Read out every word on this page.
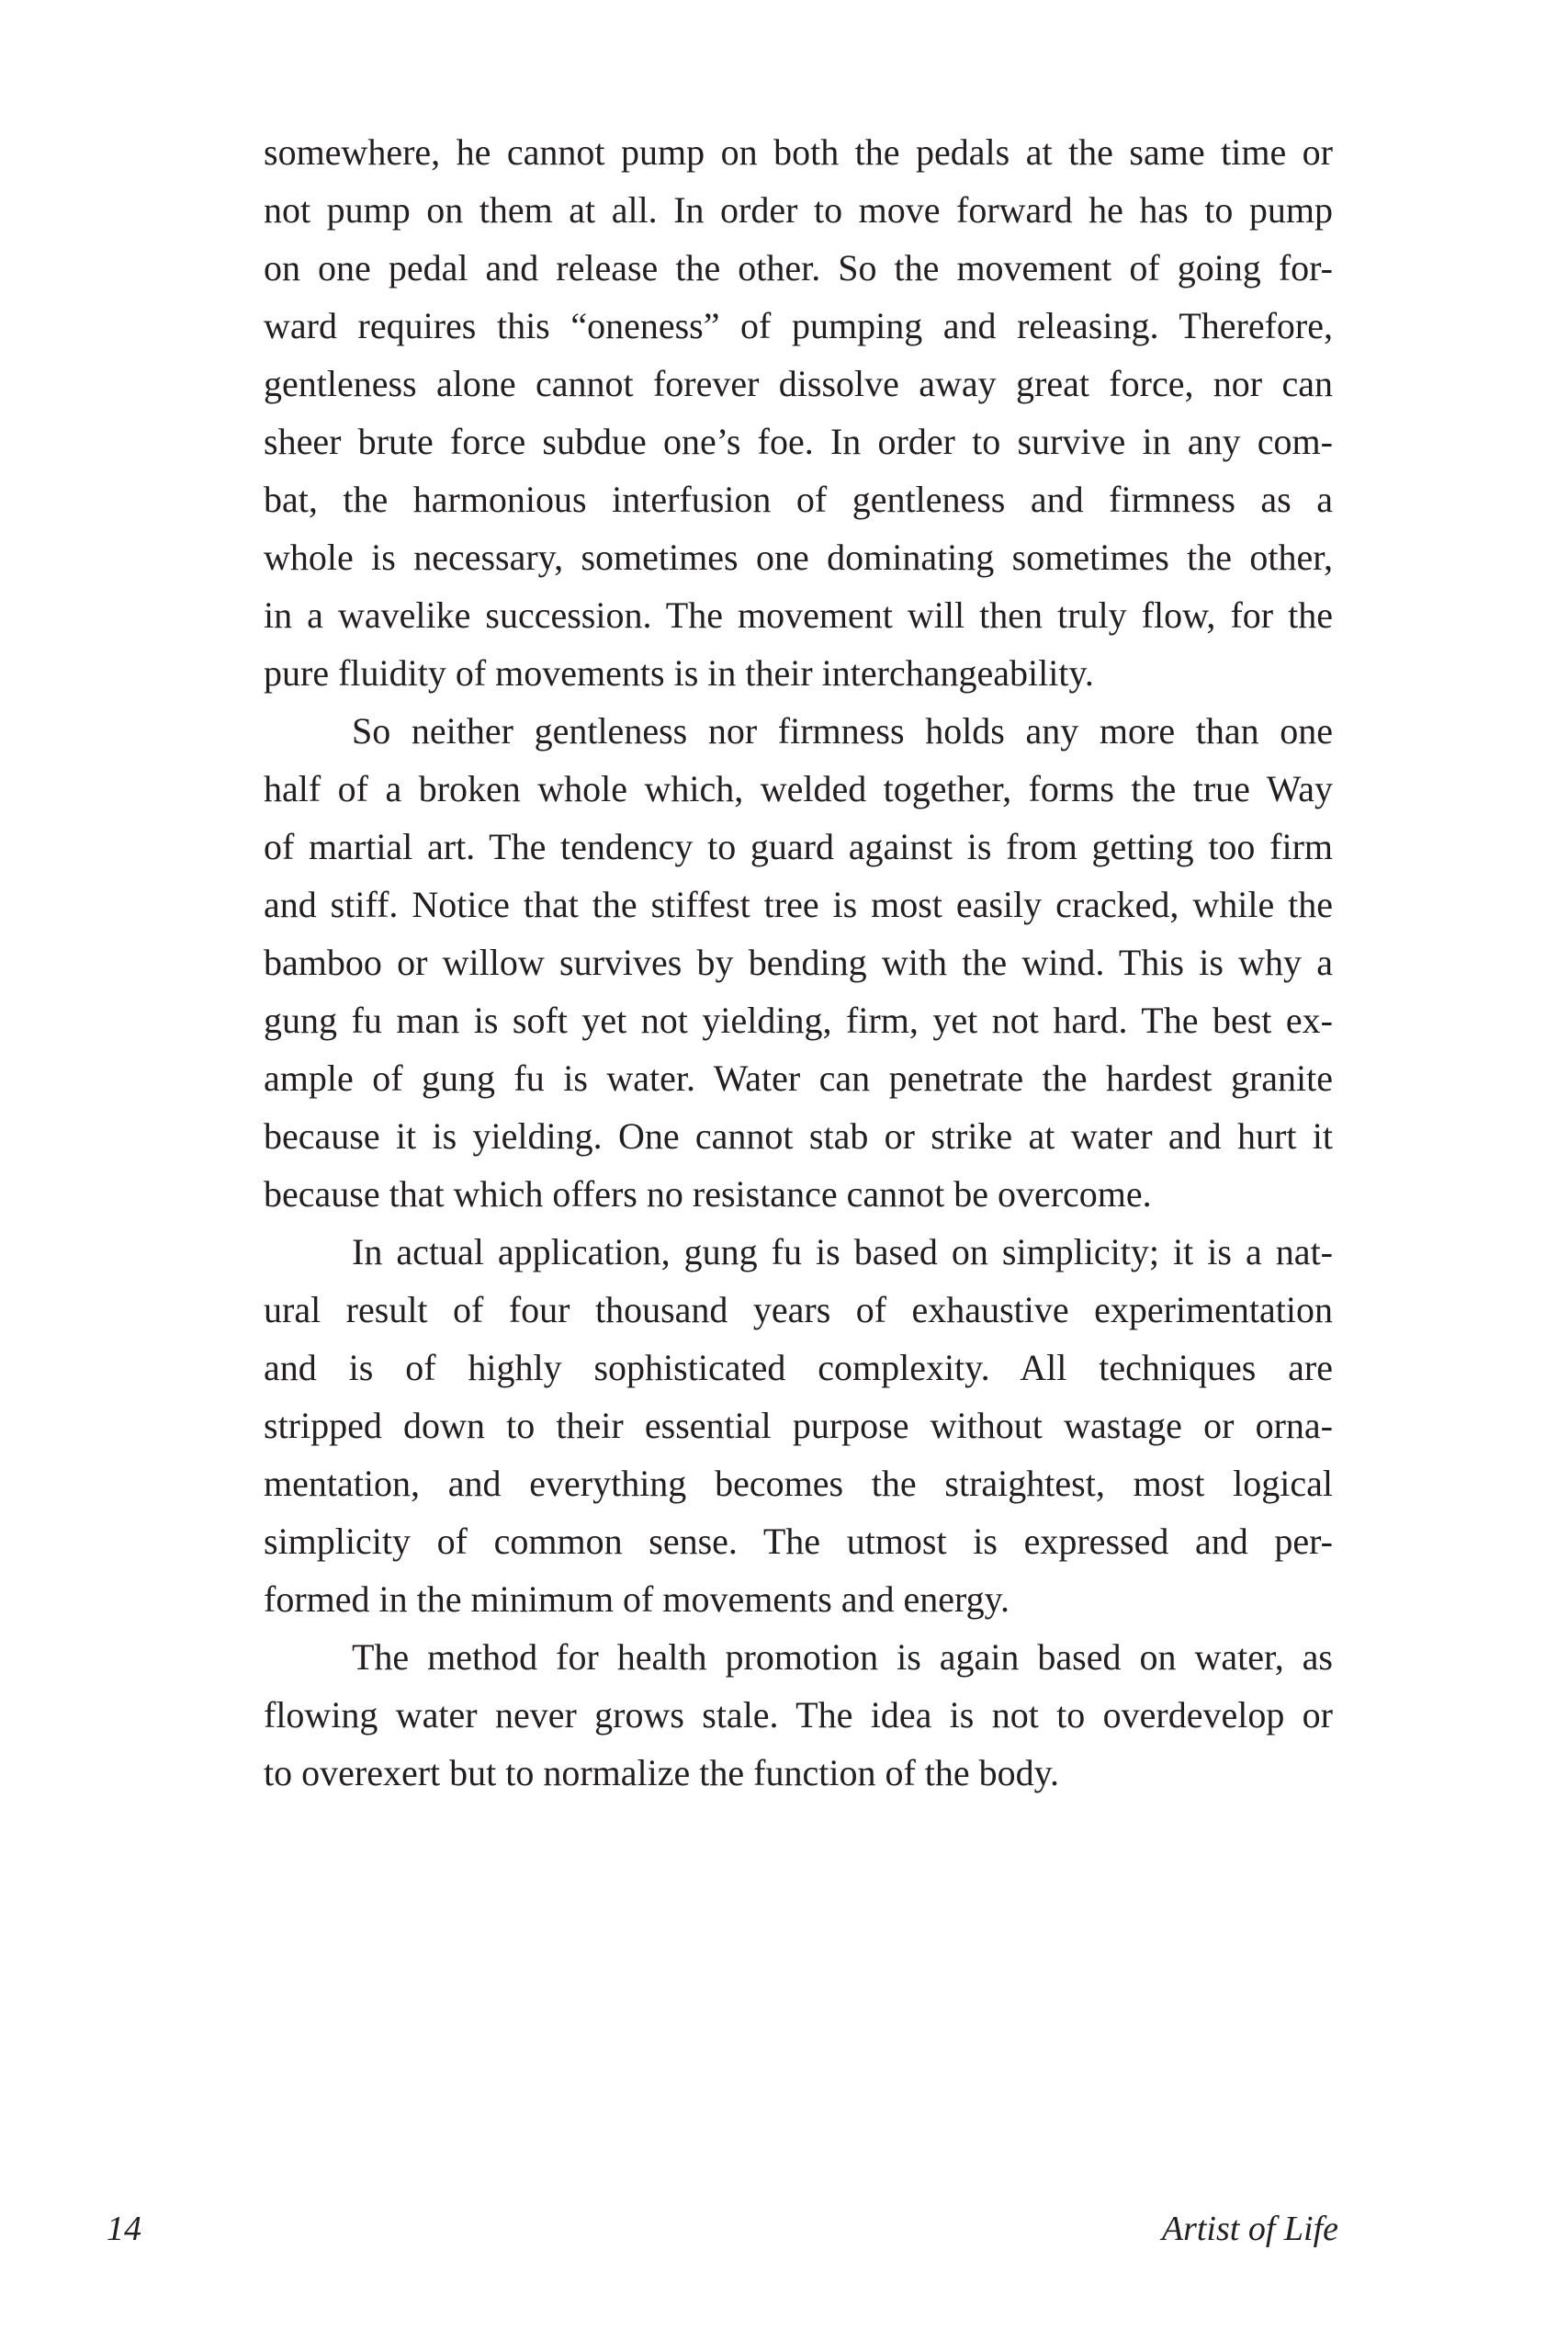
somewhere, he cannot pump on both the pedals at the same time or
not pump on them at all. In order to move forward he has to pump
on one pedal and release the other. So the movement of going for-
ward requires this “oneness” of pumping and releasing. Therefore,
gentleness alone cannot forever dissolve away great force, nor can
sheer brute force subdue one’s foe. In order to survive in any com-
bat, the harmonious interfusion of gentleness and firmness as a
whole is necessary, sometimes one dominating sometimes the other,
in a wavelike succession. The movement will then truly flow, for the
pure fluidity of movements is in their interchangeability.
So neither gentleness nor firmness holds any more than one
half of a broken whole which, welded together, forms the true Way
of martial art. The tendency to guard against is from getting too firm
and stiff. Notice that the stiffest tree is most easily cracked, while the
bamboo or willow survives by bending with the wind. This is why a
gung fu man is soft yet not yielding, firm, yet not hard. The best ex-
ample of gung fu is water. Water can penetrate the hardest granite
because it is yielding. One cannot stab or strike at water and hurt it
because that which offers no resistance cannot be overcome.
In actual application, gung fu is based on simplicity; it is a nat-
ural result of four thousand years of exhaustive experimentation
and is of highly sophisticated complexity. All techniques are
stripped down to their essential purpose without wastage or orna-
mentation, and everything becomes the straightest, most logical
simplicity of common sense. The utmost is expressed and per-
formed in the minimum of movements and energy.
The method for health promotion is again based on water, as
flowing water never grows stale. The idea is not to overdevelop or
to overexert but to normalize the function of the body.
14	Artist of Life
